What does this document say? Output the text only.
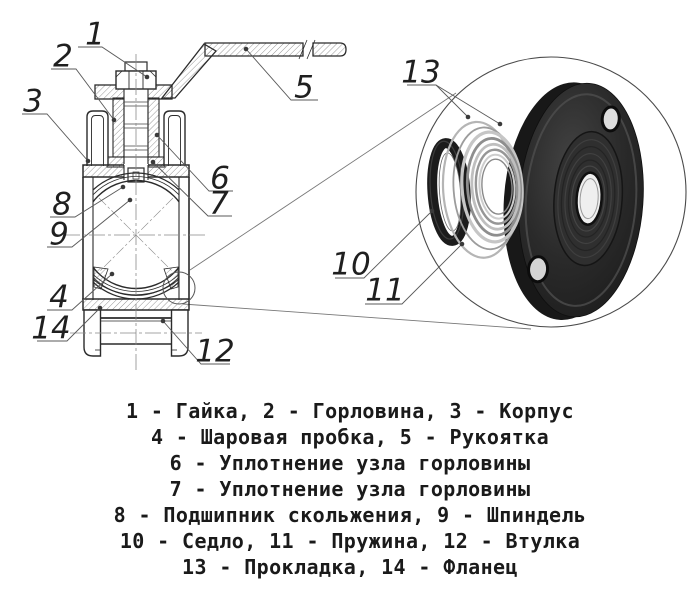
1
2
3
4
5
6
7
8
9
10
11
12
13
14
1 - Гайка, 2 - Горловина, 3 - Корпус
4 - Шаровая пробка, 5 - Рукоятка
6 - Уплотнение узла горловины
7 - Уплотнение узла горловины
8 - Подшипник скольжения, 9 - Шпиндель
10 - Седло, 11 - Пружина, 12 - Втулка
13 - Прокладка, 14 - Фланец
